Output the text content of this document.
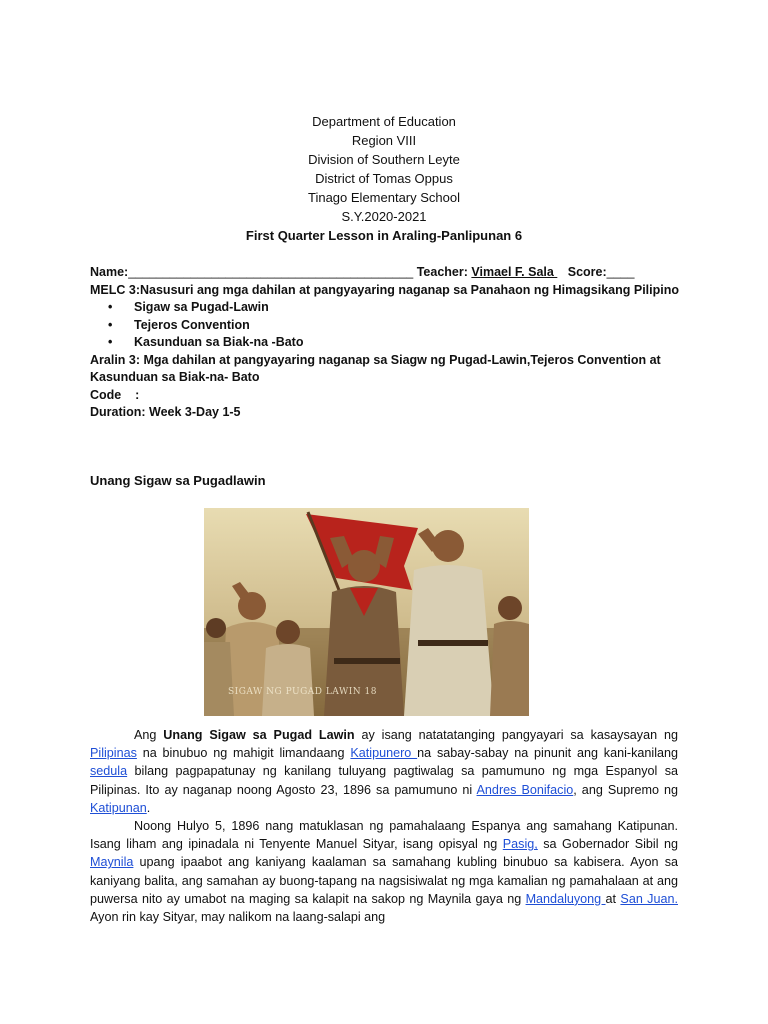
Department of Education
Region VIII
Division of Southern Leyte
District of Tomas Oppus
Tinago Elementary School
S.Y.2020-2021
First Quarter Lesson in Araling-Panlipunan 6
Name:_________________________________________ Teacher: Vimael F. Sala    Score:____
MELC 3:Nasusuri ang mga dahilan at pangyayaring naganap sa Panahaon ng Himagsikang Pilipino
• Sigaw sa Pugad-Lawin
• Tejeros Convention
• Kasunduan sa Biak-na -Bato
Aralin 3: Mga dahilan at pangyayaring naganap sa Siagw ng Pugad-Lawin,Tejeros Convention at
Kasunduan sa Biak-na- Bato
Code    :
Duration: Week 3-Day 1-5
Unang Sigaw sa Pugadlawin
SIGAW NG PUGAD LAWIN 18

Ang Unang Sigaw sa Pugad Lawin ay isang natatatanging pangyayari sa kasaysayan ng Pilipinas na binubuo ng mahigit limandaang Katipunero na sabay-sabay na pinunit ang kani-kanilang sedula bilang pagpapatunay ng kanilang tuluyang pagtiwalag sa pamumuno ng mga Espanyol sa Pilipinas. Ito ay naganap noong Agosto 23, 1896 sa pamumuno ni Andres Bonifacio, ang Supremo ng Katipunan.

Noong Hulyo 5, 1896 nang matuklasan ng pamahalaang Espanya ang samahang Katipunan. Isang liham ang ipinadala ni Tenyente Manuel Sityar, isang opisyal ng Pasig, sa Gobernador Sibil ng Maynila upang ipaabot ang kaniyang kaalaman sa samahang kubling binubuo sa kabisera. Ayon sa kaniyang balita, ang samahan ay buong-tapang na nagsisiwalat ng mga kamalian ng pamahalaan at ang puwersa nito ay umabot na maging sa kalapit na sakop ng Maynila gaya ng Mandaluyong at San Juan. Ayon rin kay Sityar, may nalikom na laang-salapi ang
